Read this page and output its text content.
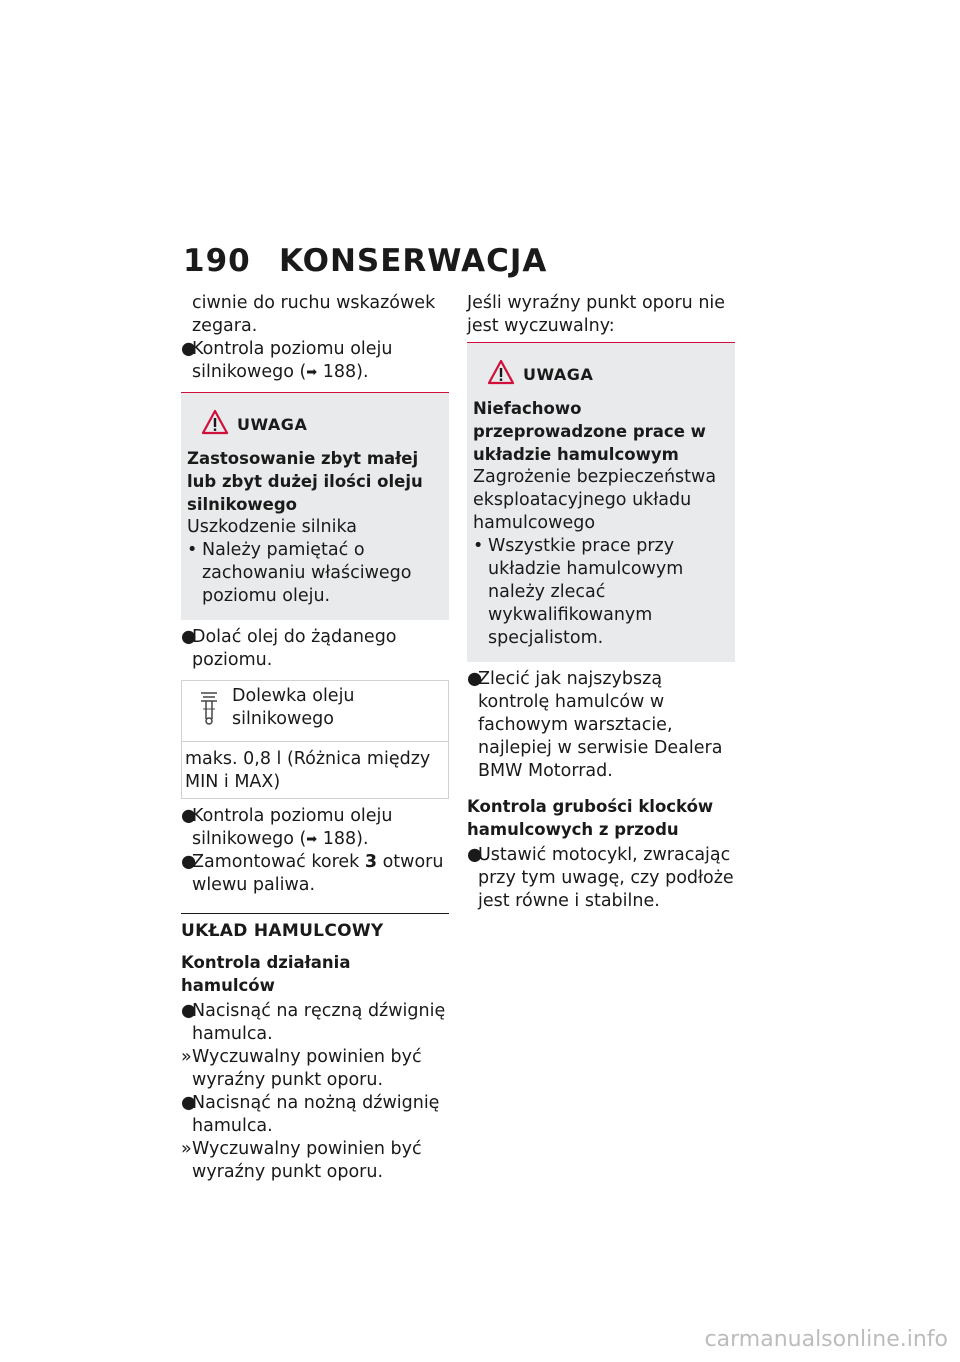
190 KONSERWACJA

ciwnie do ruchu wskazówek zegara.

●
Kontrola poziomu oleju silnikowego (➡ 188).
UWAGA

Zastosowanie zbyt małej lub zbyt dużej ilości oleju silnikowego

Uszkodzenie silnika

• Należy pamiętać o zachowaniu właściwego poziomu oleju.
●
Dolać olej do żądanego poziomu.
Dolewka oleju silnikowego
maks. 0,8 l (Różnica między MIN i MAX)
●
Kontrola poziomu oleju silnikowego (➡ 188).
●
Zamontować korek 3 otworu wlewu paliwa.

UKŁAD HAMULCOWY

Kontrola działania hamulców

●
Nacisnąć na ręczną dźwignię hamulca.
» Wyczuwalny powinien być wyraźny punkt oporu.
●
Nacisnąć na nożną dźwignię hamulca.
» Wyczuwalny powinien być wyraźny punkt oporu.

Jeśli wyraźny punkt oporu nie jest wyczuwalny:

UWAGA

Niefachowo przeprowadzone prace w układzie hamulcowym

Zagrożenie bezpieczeństwa eksploatacyjnego układu hamulcowego

• Wszystkie prace przy układzie hamulcowym należy zlecać wykwalifikowanym specjalistom.
●
Zlecić jak najszybszą kontrolę hamulców w fachowym warsztacie, najlepiej w serwisie Dealera BMW Motorrad.

Kontrola grubości klocków hamulcowych z przodu

●
Ustawić motocykl, zwracając przy tym uwagę, czy podłoże jest równe i stabilne.
carmanualsonline.info
